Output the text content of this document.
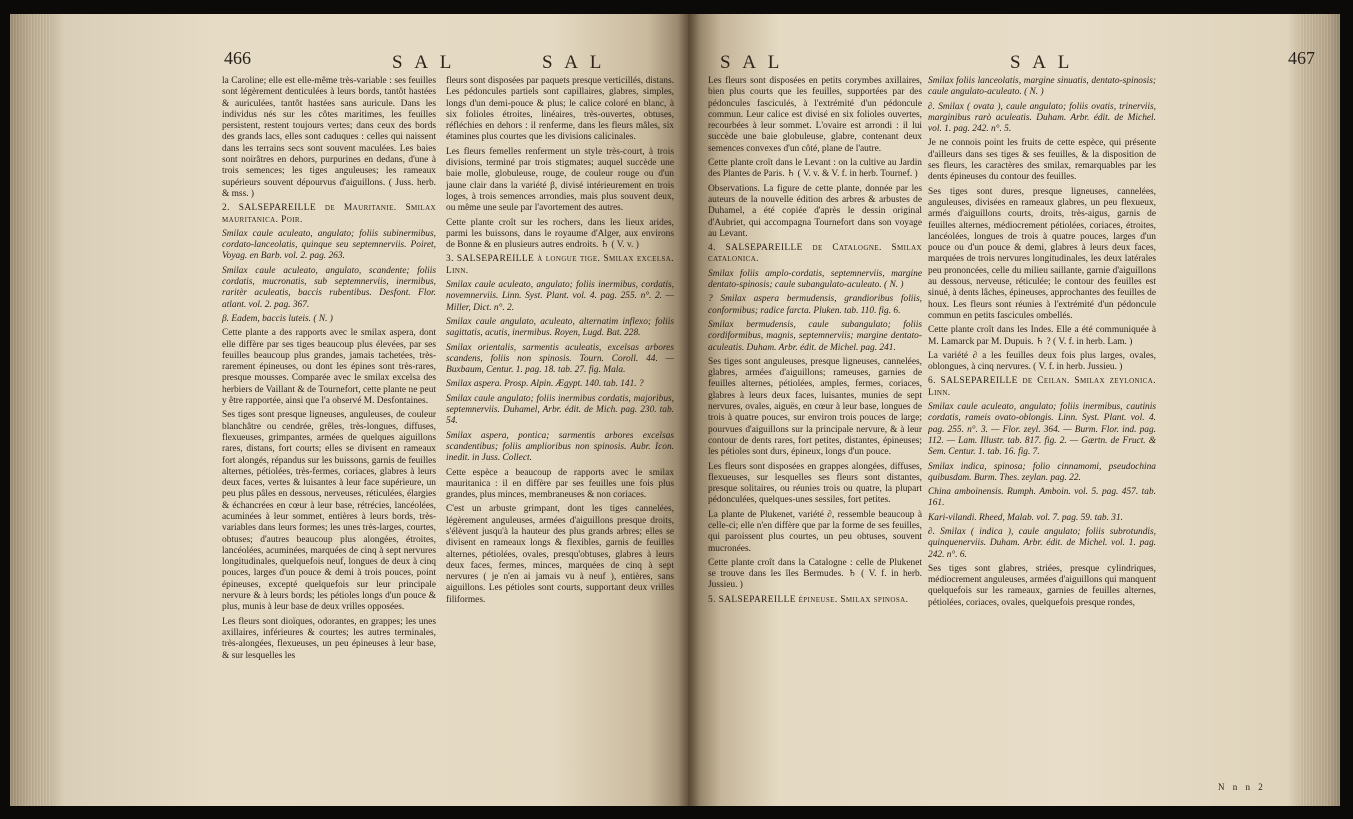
466	S A L	S A L	S A L	S A L	467

la Caroline; elle est elle-même très-variable : ses feuilles sont légèrement denticulées à leurs bords, tantôt hastées & auriculées, tantôt hastées sans auricule. Dans les individus nés sur les côtes maritimes, les feuilles persistent, restent toujours vertes; dans ceux des bords des grands lacs, elles sont caduques : celles qui naissent dans les terrains secs sont souvent maculées. Les baies sont noirâtres en dehors, purpurines en dedans, d'une à trois semences; les tiges anguleuses; les rameaux supérieurs souvent dépourvus d'aiguillons. ( Juss. herb. & mss. )

2. SALSEPAREILLE de Mauritanie. Smilax mauritanica. Poir.

Smilax caule aculeato, angulato; foliis subinermibus, cordato-lanceolatis, quinque seu septemnerviis. Poiret, Voyag. en Barb. vol. 2. pag. 263.

Smilax caule aculeato, angulato, scandente; foliis cordatis, mucronatis, sub septemnerviis, inermibus, raritèr aculeatis, baccis rubentibus. Desfont. Flor. atlant. vol. 2. pag. 367.

β. Eadem, baccis luteis. ( N. )

Cette plante a des rapports avec le smilax aspera, dont elle diffère par ses tiges beaucoup plus élevées, par ses feuilles beaucoup plus grandes, jamais tachetées, très-rarement épineuses, ou dont les épines sont très-rares, presque mousses. Comparée avec le smilax excelsa des herbiers de Vaillant & de Tournefort, cette plante ne peut y être rapportée, ainsi que l'a observé M. Desfontaines.

Ses tiges sont presque ligneuses, anguleuses, de couleur blanchâtre ou cendrée, grêles, très-longues, diffuses, flexueuses, grimpantes, armées de quelques aiguillons rares, distans, fort courts; elles se divisent en rameaux fort alongés, répandus sur les buissons, garnis de feuilles alternes, pétiolées, très-fermes, coriaces, glabres à leurs deux faces, vertes & luisantes à leur face supérieure, un peu plus pâles en dessous, nerveuses, réticulées, élargies & échancrées en cœur à leur base, rétrécies, lancéolées, acuminées à leur sommet, entières à leurs bords, très-variables dans leurs formes; les unes très-larges, courtes, obtuses; d'autres beaucoup plus alongées, étroites, lancéolées, acuminées, marquées de cinq à sept nervures longitudinales, quelquefois neuf, longues de deux à cinq pouces, larges d'un pouce & demi à trois pouces, point épineuses, excepté quelquefois sur leur principale nervure & à leurs bords; les pétioles longs d'un pouce & plus, munis à leur base de deux vrilles opposées.

Les fleurs sont dioïques, odorantes, en grappes; les unes axillaires, inférieures & courtes; les autres terminales, très-alongées, flexueuses, un peu épineuses à leur base, & sur lesquelles les

fleurs sont disposées par paquets presque verticillés, distans. Les pédoncules partiels sont capillaires, glabres, simples, longs d'un demi-pouce & plus; le calice coloré en blanc, à six folioles étroites, linéaires, très-ouvertes, obtuses, réfléchies en dehors : il renferme, dans les fleurs mâles, six étamines plus courtes que les divisions calicinales.

Les fleurs femelles renferment un style très-court, à trois divisions, terminé par trois stigmates; auquel succède une baie molle, globuleuse, rouge, de couleur rouge ou d'un jaune clair dans la variété β, divisé intérieurement en trois loges, à trois semences arrondies, mais plus souvent deux, ou même une seule par l'avortement des autres.

Cette plante croît sur les rochers, dans les lieux arides, parmi les buissons, dans le royaume d'Alger, aux environs de Bonne & en plusieurs autres endroits. ♄ ( V. v. )

3. SALSEPAREILLE à longue tige. Smilax excelsa. Linn.

Smilax caule aculeato, angulato; foliis inermibus, cordatis, novemnerviis. Linn. Syst. Plant. vol. 4. pag. 255. n°. 2. — Miller, Dict. n°. 2.

Smilax caule angulato, aculeato, alternatim inflexo; foliis sagittatis, acutis, inermibus. Royen, Lugd. Bat. 228.

Smilax orientalis, sarmentis aculeatis, excelsas arbores scandens, foliis non spinosis. Tourn. Coroll. 44. — Buxbaum, Centur. 1. pag. 18. tab. 27. fig. Mala.

Smilax aspera. Prosp. Alpin. Ægypt. 140. tab. 141. ?

Smilax caule angulato; foliis inermibus cordatis, majoribus, septemnerviis. Duhamel, Arbr. édit. de Mich. pag. 230. tab. 54.

Smilax aspera, pontica; sarmentis arbores excelsas scandentibus; foliis amplioribus non spinosis. Aubr. Icon. inedit. in Juss. Collect.

Cette espèce a beaucoup de rapports avec le smilax mauritanica : il en diffère par ses feuilles une fois plus grandes, plus minces, membraneuses & non coriaces.

C'est un arbuste grimpant, dont les tiges cannelées, légèrement anguleuses, armées d'aiguillons presque droits, s'élèvent jusqu'à la hauteur des plus grands arbres; elles se divisent en rameaux longs & flexibles, garnis de feuilles alternes, pétiolées, ovales, presqu'obtuses, glabres à leurs deux faces, fermes, minces, marquées de cinq à sept nervures ( je n'en ai jamais vu à neuf ), entières, sans aiguillons. Les pétioles sont courts, supportant deux vrilles filiformes.

Les fleurs sont disposées en petits corymbes axillaires, bien plus courts que les feuilles, supportées par des pédoncules fasciculés, à l'extrémité d'un pédoncule commun. Leur calice est divisé en six folioles ouvertes, recourbées à leur sommet. L'ovaire est arrondi : il lui succède une baie globuleuse, glabre, contenant deux semences convexes d'un côté, plane de l'autre.

Cette plante croît dans le Levant : on la cultive au Jardin des Plantes de Paris. ♄ ( V. v. & V. f. in herb. Tournef. )

Observations. La figure de cette plante, donnée par les auteurs de la nouvelle édition des arbres & arbustes de Duhamel, a été copiée d'après le dessin original d'Aubriet, qui accompagna Tournefort dans son voyage au Levant.

4. SALSEPAREILLE de Catalogne. Smilax catalonica.

Smilax foliis amplo-cordatis, septemnerviis, margine dentato-spinosis; caule subangulato-aculeato. ( N. )

? Smilax aspera bermudensis, grandioribus foliis, conformibus; radice farcta. Pluken. tab. 110. fig. 6.

Smilax bermudensis, caule subangulato; foliis cordiformibus, magnis, septemnerviis; margine dentato-aculeatis. Duham. Arbr. édit. de Michel. pag. 241.

Ses tiges sont anguleuses, presque ligneuses, cannelées, glabres, armées d'aiguillons; rameuses, garnies de feuilles alternes, pétiolées, amples, fermes, coriaces, glabres à leurs deux faces, luisantes, munies de sept nervures, ovales, aiguës, en cœur à leur base, longues de trois à quatre pouces, sur environ trois pouces de large; pourvues d'aiguillons sur la principale nervure, & à leur contour de dents rares, fort petites, distantes, épineuses; les pétioles sont durs, épineux, longs d'un pouce.

Les fleurs sont disposées en grappes alongées, diffuses, flexueuses, sur lesquelles ses fleurs sont distantes, presque solitaires, ou réunies trois ou quatre, la plupart pédonculées, quelques-unes sessiles, fort petites.

La plante de Plukenet, variété ∂, ressemble beaucoup à celle-ci; elle n'en diffère que par la forme de ses feuilles, qui paroissent plus courtes, un peu obtuses, souvent mucronées.

Cette plante croît dans la Catalogne : celle de Plukenet se trouve dans les îles Bermudes. ♄ ( V. f. in herb. Jussieu. )

5. SALSEPAREILLE épineuse. Smilax spinosa.

Smilax foliis lanceolatis, margine sinuatis, dentato-spinosis; caule angulato-aculeato. ( N. )

∂. Smilax ( ovata ), caule angulato; foliis ovatis, trinerviis, marginibus rarò aculeatis. Duham. Arbr. édit. de Michel. vol. 1. pag. 242. n°. 5.

Je ne connois point les fruits de cette espèce, qui présente d'ailleurs dans ses tiges & ses feuilles, & la disposition de ses fleurs, les caractères des smilax, remarquables par les dents épineuses du contour des feuilles.

Ses tiges sont dures, presque ligneuses, cannelées, anguleuses, divisées en rameaux glabres, un peu flexueux, armés d'aiguillons courts, droits, très-aigus, garnis de feuilles alternes, médiocrement pétiolées, coriaces, étroites, lancéolées, longues de trois à quatre pouces, larges d'un pouce ou d'un pouce & demi, glabres à leurs deux faces, marquées de trois nervures longitudinales, les deux latérales peu prononcées, celle du milieu saillante, garnie d'aiguillons au dessous, nerveuse, réticulée; le contour des feuilles est sinué, à dents lâches, épineuses, approchantes des feuilles de houx. Les fleurs sont réunies à l'extrémité d'un pédoncule commun en petits fascicules ombellés.

Cette plante croît dans les Indes. Elle a été communiquée à M. Lamarck par M. Dupuis. ♄ ? ( V. f. in herb. Lam. )

La variété ∂ a les feuilles deux fois plus larges, ovales, oblongues, à cinq nervures. ( V. f. in herb. Jussieu. )

6. SALSEPAREILLE de Ceilan. Smilax zeylonica. Linn.

Smilax caule aculeato, angulato; foliis inermibus, cautinis cordatis, rameis ovato-oblongis. Linn. Syst. Plant. vol. 4. pag. 255. n°. 3. — Flor. zeyl. 364. — Burm. Flor. ind. pag. 112. — Lam. Illustr. tab. 817. fig. 2. — Gærtn. de Fruct. & Sem. Centur. 1. tab. 16. fig. 7.

Smilax indica, spinosa; folio cinnamomi, pseudochina quibusdam. Burm. Thes. zeylan. pag. 22.

China amboinensis. Rumph. Amboin. vol. 5. pag. 457. tab. 161.

Kari-vilandi. Rheed, Malab. vol. 7. pag. 59. tab. 31.

∂. Smilax ( indica ), caule angulato; foliis subrotundis, quinquenerviis. Duham. Arbr. édit. de Michel. vol. 1. pag. 242. n°. 6.

Ses tiges sont glabres, striées, presque cylindriques, médiocrement anguleuses, armées d'aiguillons qui manquent quelquefois sur les rameaux, garnies de feuilles alternes, pétiolées, coriaces, ovales, quelquefois presque rondes,

N n n 2
